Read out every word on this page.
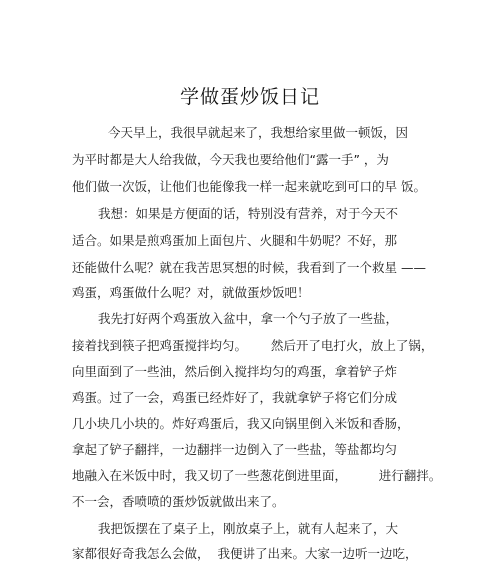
学做蛋炒饭日记
今天早上，我很早就起来了，我想给家里做一顿饭，因
为平时都是大人给我做，今天我也要给他们“露一手” ，为
他们做一次饭，让他们也能像我一样一起来就吃到可口的早 饭。
我想：如果是方便面的话，特别没有营养，对于今天不
适合。如果是煎鸡蛋加上面包片、火腿和牛奶呢？不好，那
还能做什么呢？就在我苦思冥想的时候，我看到了一个救星 ——
鸡蛋，鸡蛋做什么呢？对，就做蛋炒饭吧！
我先打好两个鸡蛋放入盆中，拿一个勺子放了一些盐，
接着找到筷子把鸡蛋搅拌均匀。      然后开了电打火，放上了锅，
向里面到了一些油，然后倒入搅拌均匀的鸡蛋，拿着铲子炸
鸡蛋。过了一会，鸡蛋已经炸好了，我就拿铲子将它们分成
几小块几小块的。炸好鸡蛋后，我又向锅里倒入米饭和香肠，
拿起了铲子翻拌，一边翻拌一边倒入了一些盐，等盐都均匀
地融入在米饭中时，我又切了一些葱花倒进里面，        进行翻拌。
不一会，香喷喷的蛋炒饭就做出来了。
我把饭摆在了桌子上，刚放桌子上，就有人起来了，大
家都很好奇我怎么会做，  我便讲了出来。大家一边听一边吃，
